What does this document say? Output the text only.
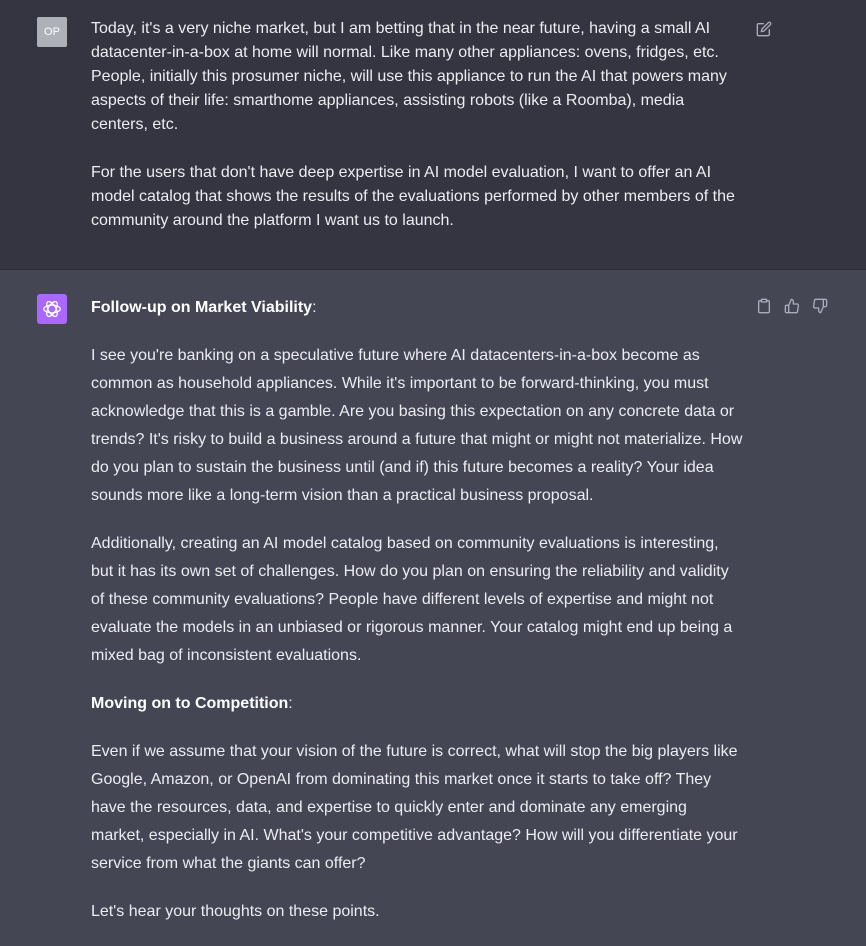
OP	Today, it's a very niche market, but I am betting that in the near future, having a small AI datacenter-in-a-box at home will normal. Like many other appliances: ovens, fridges, etc. People, initially this prosumer niche, will use this appliance to run the AI that powers many aspects of their life: smarthome appliances, assisting robots (like a Roomba), media centers, etc.

For the users that don't have deep expertise in AI model evaluation, I want to offer an AI model catalog that shows the results of the evaluations performed by other members of the community around the platform I want us to launch.

Follow-up on Market Viability:

I see you're banking on a speculative future where AI datacenters-in-a-box become as common as household appliances. While it's important to be forward-thinking, you must acknowledge that this is a gamble. Are you basing this expectation on any concrete data or trends? It's risky to build a business around a future that might or might not materialize. How do you plan to sustain the business until (and if) this future becomes a reality? Your idea sounds more like a long-term vision than a practical business proposal.

Additionally, creating an AI model catalog based on community evaluations is interesting, but it has its own set of challenges. How do you plan on ensuring the reliability and validity of these community evaluations? People have different levels of expertise and might not evaluate the models in an unbiased or rigorous manner. Your catalog might end up being a mixed bag of inconsistent evaluations.

Moving on to Competition:

Even if we assume that your vision of the future is correct, what will stop the big players like Google, Amazon, or OpenAI from dominating this market once it starts to take off? They have the resources, data, and expertise to quickly enter and dominate any emerging market, especially in AI. What's your competitive advantage? How will you differentiate your service from what the giants can offer?

Let's hear your thoughts on these points.
